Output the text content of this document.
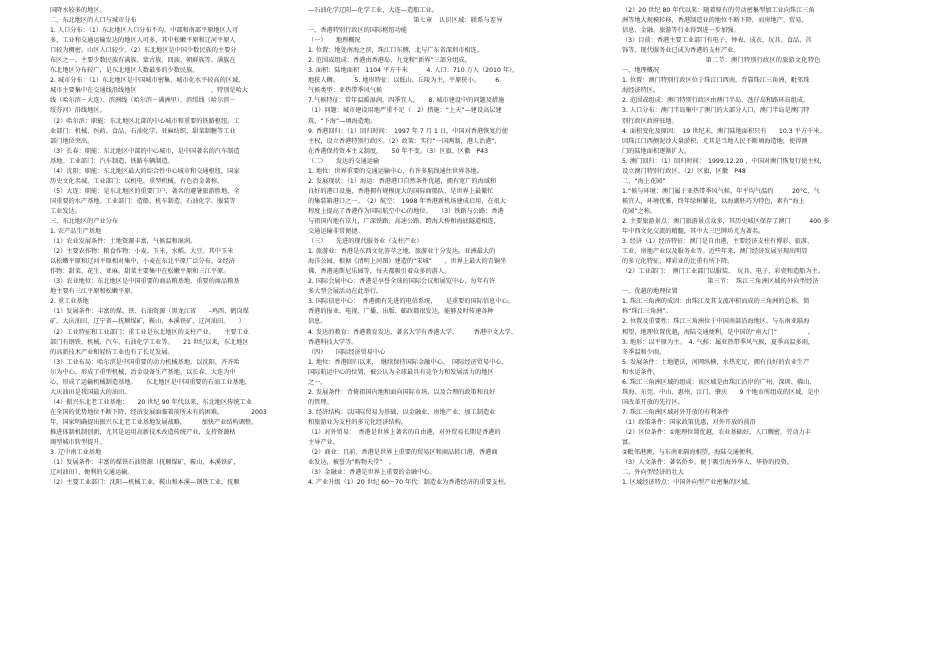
国降水较多的地区。

二、东北地区的人口与城市分布

1. 人口分布：（1）东北地区人口分布不均。中部和南部平原地区人可

多，工业和交通运输发达的地区人可多，其中松嫩平原和辽河平原人

口较为稠密。山区人口较少。（2）东北地区是中国少数民族的主要分

布区之一。主要少数民族有满族、蒙古族、回族、朝鲜族等。满族在

东北地区分布较广，是东北地区人数最多的少数民族。

2. 城市分布：（1）东北地区是中国城市密集、城市化水平较高的区域。

城市主要集中在交通线沿线地区　　　　　　　　　　　　，特别是哈大

线（哈尔滨－大连）、滨洲线（哈尔滨－满洲里）、滨绥线（哈尔滨－

绥芬河）沿线地区。

（2）哈尔滨：职能：东北地区北部的中心城市和重要的铁路枢纽。工

业部门：机械、医药、食品、石油化学、亚麻纺织、甜菜制糖等工业

部门地位突出。

（3）长春：职能：东北地区中部的中心城市，是中国著名的汽车制造

基地。工业部门：汽车制造、铁路车辆制造。

（4）沈阳：职能：东北地区最大的综合性中心城市和交通枢纽，国家

历史文化名城。工业部门：以机电、重型机械、有色冶金著称。

（5）大连：职能：是东北地区的重要门户，著名的避暑旅游胜地，全

国重要的水产基地。工业部门：造船、机车制造、石油化学、服装等

工业发达。

三、东北地区的产业分布

1. 农产品生产基地

（1）农业发展条件：土地资源丰富，气候温和湿润。

（2）主要农作物：粮食作物：小麦、玉米、水稻、大豆。其中玉米

以松嫩平原和辽河平原相对集中，小麦在东北平原广泛分布。②经济

作物：甜菜、花生、亚麻。甜菜主要集中在松嫩平原和三江平原。

（3）农业地位：东北地区是中国重要的商品粮基地，重要的商品粮基

地主要有三江平原和松嫩平原。

2. 重工业基地

（1）发展条件：丰富的煤、铁、石油资源（黑龙江省　　–鸡西、鹤岗煤

矿，大庆油田，辽宁省—抚顺煤矿，鞍山、本溪铁矿，辽河油田。　　）

（2）工业特征和工业部门：重工业是东北地区的支柱产业。　　主要工业

部门有钢铁、机械、汽车、石油化学工业等。　　21 世纪以来，东北地区

的高新技术产业和轻纺工业也有了长足发展。

（3）工业布局：哈尔滨是中国重要的动力机械基地。以沈阳、齐齐哈

尔为中心，形成了重型机械、冶金设备生产基地。以长春、大连为中

心，形成了运输机械制造基地。　　东北地区是中国重要的石油工业基地，

大庆油田是我国最大的油田。

（4）振兴东北老工业基地：　　20 世纪 90 年代以来，东北地区传统工业

在全国的优势地位不断下降，经济发展面临着前所未有的困难。　　　　　2003

年，国家明确提出振兴东北老工业基地发展战略，　　　加快产业结构调整，

推进体制机制创新，尤其是运用高新技术改造传统产业，支持资源枯

竭型城市转型提升。

3. 辽中南工业基地

（1）发展条件：丰富的煤铁石油资源（抚顺煤矿，鞍山、本溪铁矿，

辽河油田）、便利的交通运输。

（2）主要工业部门：沈阳—机械工业，鞍山和本溪—钢铁工业，抚顺

—石油化学辽阳—化学工业，大连—造船工业。

第七章　认识区域：联系与差异

一、香港特别行政区的国际枢纽功能

（一）　　地理概况

1. 位置：地处南海之滨，珠江口东侧，北与广东省深圳市相连。

2. 范围或组成：香港由香港岛、九龙和“新界”三部分组成。

3. 面积：陆地面积　1104 平方千米　　　4. 人口：710 万人（2010 年）。

地狭人稠。　　　5. 地形特征：以低山、丘陵为主，平原狭小。　　　6.

气候类型：亚热带季风气候

7.气候特征：常年温暖湿润，四季宜人。　　8. 城市建设中的问题及措施

（1）问题：城市建设用地严重不足（　2）措施：“上天”—建设高层建

筑，“下海”—填海造地。

9. 香港回归：（1）回归时间：　1997 年 7 月 1 日，中国对香港恢复行使

主权，设立香港特别行政区。（2）政策：实行“一国两制，港人治港”，

在香港保持资本主义制度，　　50 年不变。（3）区旗、区徽　P43

（二）　　发达的交通运输

1. 地位：世界重要的交通运输中心，有许多航线通往世界各地。

2. 发展现状：（1）海运：香港港口自然条件优越，拥有宽广的海域和

良好的港口设施，香港拥有规模庞大的国际商船队，是世界上最繁忙

的集装箱港口之一。　（2）航空：　1998 年香港新机场建成启用，在很大

程度上提高了香港作为国际航空中心的地位。　　（3）铁路与公路：香港

与祖国内地有京九，广深铁路、高速公路、跨海大桥和海底隧道相连，

交通运输非常便捷。

（三）　　先进的现代服务业（支柱产业）

1. 旅游业：香港是东西文化荟萃之地，旅游业十分发达。亚洲最大的

海洋公园、根据《清明上河图》建造的“宋城”　　、世界上最大的青铜坐

佛、香港迪斯尼乐园等，每天都吸引着众多的游人。

2. 国际会展中心：香港是享誉全球的国际会议和展览中心，每年有许

多大型会展活动在此举行。

3. 国际信息中心：　香港拥有先进的电信系统，　　是重要的国际信息中心。

香港的报业、电视、广播、出版、邮政都很发达，能够及时传递各种

信息。

4. 发达的教育：香港教育发达，著名大学有香港大学、　　　香港中文大学、

香港科技大学等。

（四）　　国际经济贸易中心

1. 地位：香港回归以来，　继续保持国际金融中心、　国际经济贸易中心、

国际航运中心的位置，被公认为全球最具有竞争力和发展活力的地区

之一。

2. 发展条件：背倚祖国内地和面向国际市场，以及合理的政策和良好

的管理。

3. 经济结构：以国际贸易为基础，以金融业、房地产业、加工制造业

和旅游业为支柱的多元化经济结构。

（1）对外贸易：　香港是世界上著名的自由港，对外贸易长期是香港的

主导产业。

（2）商业：且前，香港是世界上重要的贸易区和商品转口港，香港商

业发达，被誉为“购物天堂”　。

（3）金融业：香港是世界上重要的金融中心。

4. 产业升级（1）20 世纪 60～70 年代：制造业为香港经济的重要支柱。

（2）20 世纪 80 年代以来：随着原有的劳动密集型加工业向珠江三角

洲等地大规模转移，香港制造业的地位不断下降，而房地产、贸易、

信息、金融、旅游等行业得到进一步加强。

（3）目前：香港主要工业部门有电子、钟表、成衣、玩具、食品、首

饰等。现代服务业已成为香港的支柱产业。

第二节：澳门特别行政区的旅游文化特色

一、地理概况

1. 位置：澳门特别行政区位于珠江口西南，背靠珠江三角洲，毗邻珠

海经济特区。

2. 范围或组成：澳门特别行政区由澳门半岛、氹仔岛和路环岛组成。

3. 人口分布：澳门半岛集中了澳门的大部分人口，澳门半岛是澳门特

别行政区政府驻地。

4. 面积变化及原因：　19 世纪末，澳门陆地面积只有　　10.3 平方千米。

因珠江口西侧泥沙大量淤积，尤其是当地人民不断填海造地，使得澳

门的陆地面积逐渐扩大。

5. 澳门回归：（1）回归时间：　1999.12.20 ，中国对澳门恢复行使主权，

设立澳门特别行政区。（2）区旗，区徽　P48

二、“海上花园”

1.“候与环境：澳门属于亚热带季风气候，年平均气温约　　　20°C，气

候宜人，环境优雅，终年绿树繁花，以海湖胚巧为特色，素有“海上

花园”之称。

2. 主要旅游景点：澳门旅游景点众多，其历史城区保存了澳门　　　400 多

年中西文化交流的精髓，其中大三巴牌坊尤为著名。

3. 经济（1）经济特征：澳门是自由港，主要经济支柱有博彩、旅游、

工业、房地产业以及服务业等。近些年来，澳门经济发展呈现出明显

的多元化特征，博彩业的比重有所下降。

（2）工业部门：　澳门工业部门以服装、　玩具、电子、彩瓷和造船为主。

第三节：　珠江三角洲区域的外向型经济

一、优越的地理位置

1. 珠江三角洲的成因：由珠江及其支流冲积而成的三角洲的总称，简

称“珠江三角洲”。

2. 位置及重要性：珠江三角洲位于中国南部沿海地区，与东南亚隔海

相望，地理位置优越，海陆交通便利，是中国的“南大门”　　　　　。

3. 地形：以平原为主。　4. 气候：属亚热带季风气候，夏季高温多雨，

冬季温和少雨。

5. 发展条件：土地肥沃，河网纵横，水热充足，拥有良好的农业生产

和水运条件。

6. 珠江三角洲区域的组成：该区域是由珠江沿岸的广州、深圳、佛山、

珠海、东莞、中山、惠州、江门、肇庆　　9 个地市所组成的区域，是中

国改革开放的先行区。

7. 珠江三角洲区域对外开放的有利条件

（1）政策条件：国家政策优惠，对外开放的前沿

（2）区位条件：①地理位置优越，农业基础好，人口稠密，劳动力丰

富。

②毗邻港澳，与东南亚隔海相望，海陆交通便利。

（3）人文条件：著名侨乡，便于吸引海外华人、华侨的投资。

二、外向型经济的壮大

1. 区域经济特点：中国外向型产业密集的区域。
